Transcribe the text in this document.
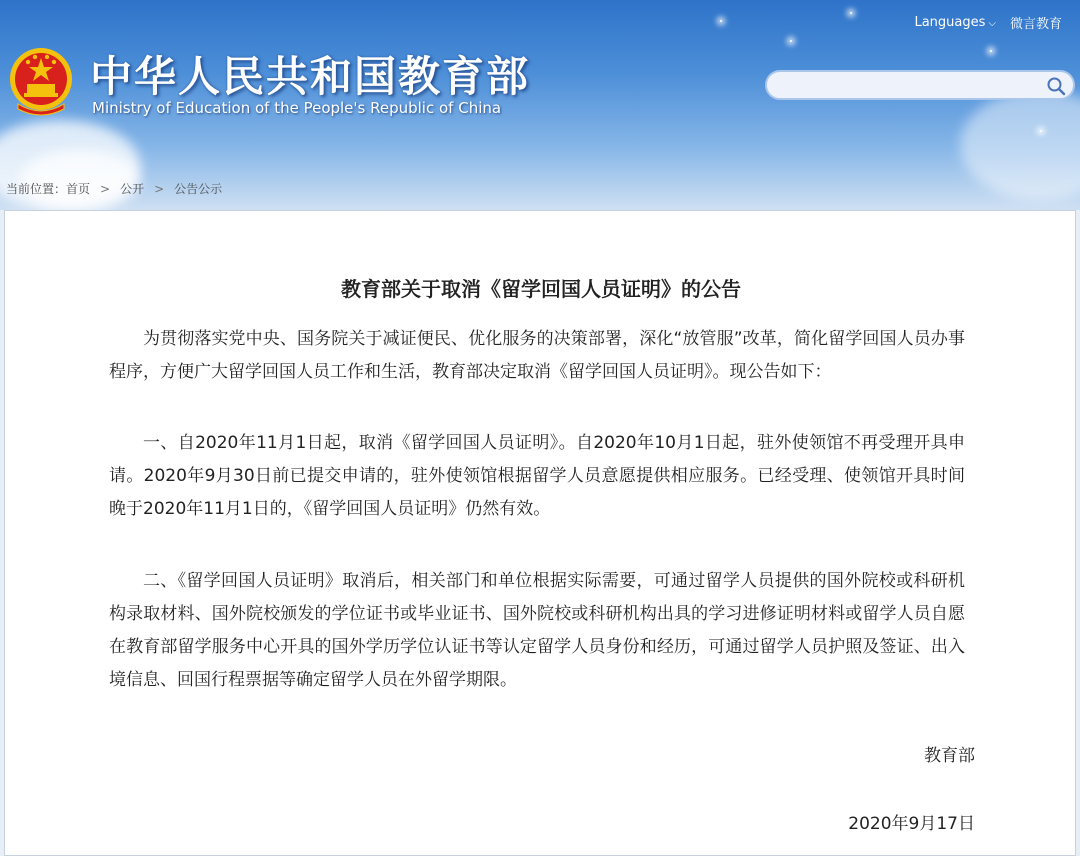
中华人民共和国教育部
Ministry of Education of the People's Republic of China
Languages ⌵ 微言教育
当前位置：首页 > 公开 > 公告公示
教育部关于取消《留学回国人员证明》的公告
为贯彻落实党中央、国务院关于减证便民、优化服务的决策部署，深化“放管服”改革，简化留学回国人员办事程序，方便广大留学回国人员工作和生活，教育部决定取消《留学回国人员证明》。现公告如下：
一、自2020年11月1日起，取消《留学回国人员证明》。自2020年10月1日起，驻外使领馆不再受理开具申请。2020年9月30日前已提交申请的，驻外使领馆根据留学人员意愿提供相应服务。已经受理、使领馆开具时间晚于2020年11月1日的，《留学回国人员证明》仍然有效。
二、《留学回国人员证明》取消后，相关部门和单位根据实际需要，可通过留学人员提供的国外院校或科研机构录取材料、国外院校颁发的学位证书或毕业证书、国外院校或科研机构出具的学习进修证明材料或留学人员自愿在教育部留学服务中心开具的国外学历学位认证书等认定留学人员身份和经历，可通过留学人员护照及签证、出入境信息、回国行程票据等确定留学人员在外留学期限。
教育部
2020年9月17日
